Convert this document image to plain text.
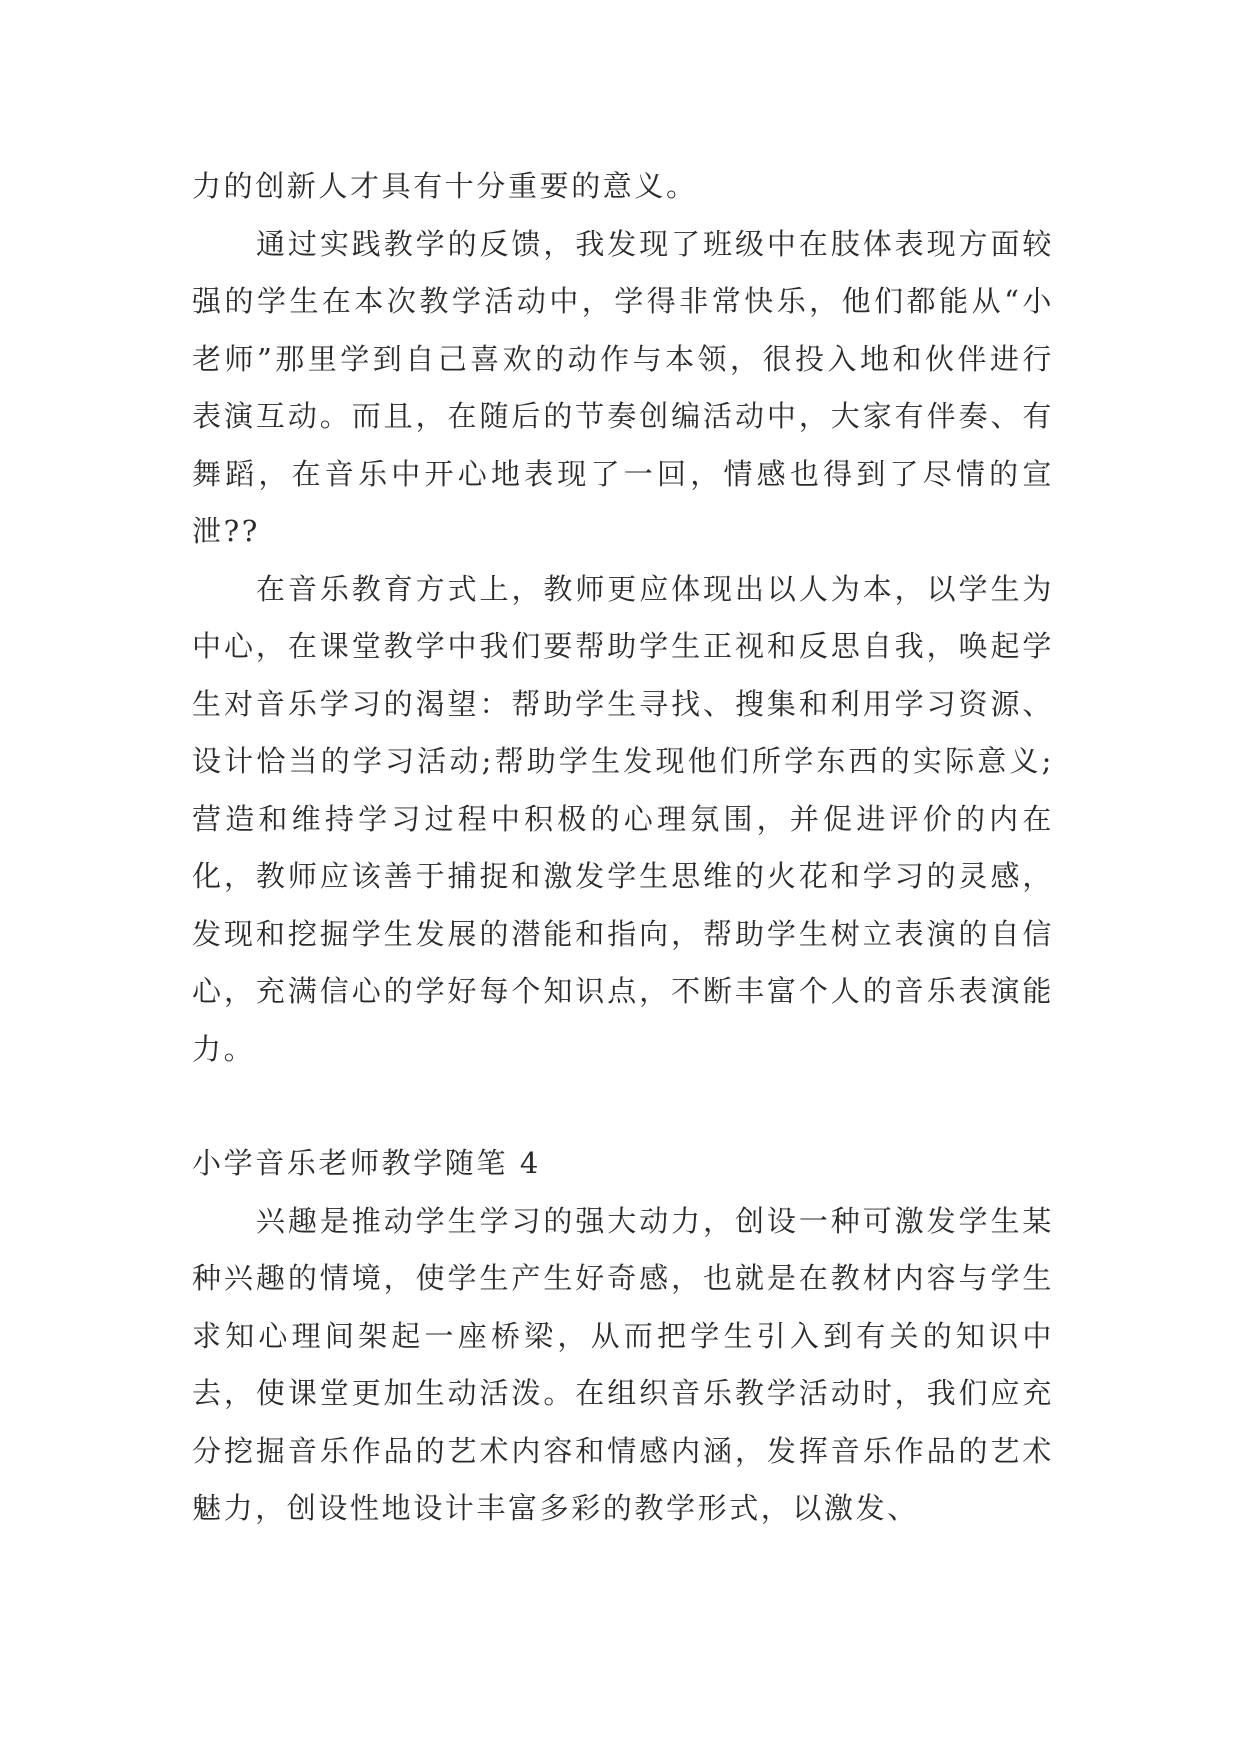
力的创新人才具有十分重要的意义。

通过实践教学的反馈，我发现了班级中在肢体表现方面较强的学生在本次教学活动中，学得非常快乐，他们都能从“小老师”那里学到自己喜欢的动作与本领，很投入地和伙伴进行表演互动。而且，在随后的节奏创编活动中，大家有伴奏、有舞蹈，在音乐中开心地表现了一回，情感也得到了尽情的宣泄??

在音乐教育方式上，教师更应体现出以人为本，以学生为中心，在课堂教学中我们要帮助学生正视和反思自我，唤起学生对音乐学习的渴望：帮助学生寻找、搜集和利用学习资源、设计恰当的学习活动;帮助学生发现他们所学东西的实际意义;营造和维持学习过程中积极的心理氛围，并促进评价的内在化，教师应该善于捕捉和激发学生思维的火花和学习的灵感，发现和挖掘学生发展的潜能和指向，帮助学生树立表演的自信心，充满信心的学好每个知识点，不断丰富个人的音乐表演能力。

小学音乐老师教学随笔 4

兴趣是推动学生学习的强大动力，创设一种可激发学生某种兴趣的情境，使学生产生好奇感，也就是在教材内容与学生求知心理间架起一座桥梁，从而把学生引入到有关的知识中去，使课堂更加生动活泼。在组织音乐教学活动时，我们应充分挖掘音乐作品的艺术内容和情感内涵，发挥音乐作品的艺术魅力，创设性地设计丰富多彩的教学形式，以激发、
